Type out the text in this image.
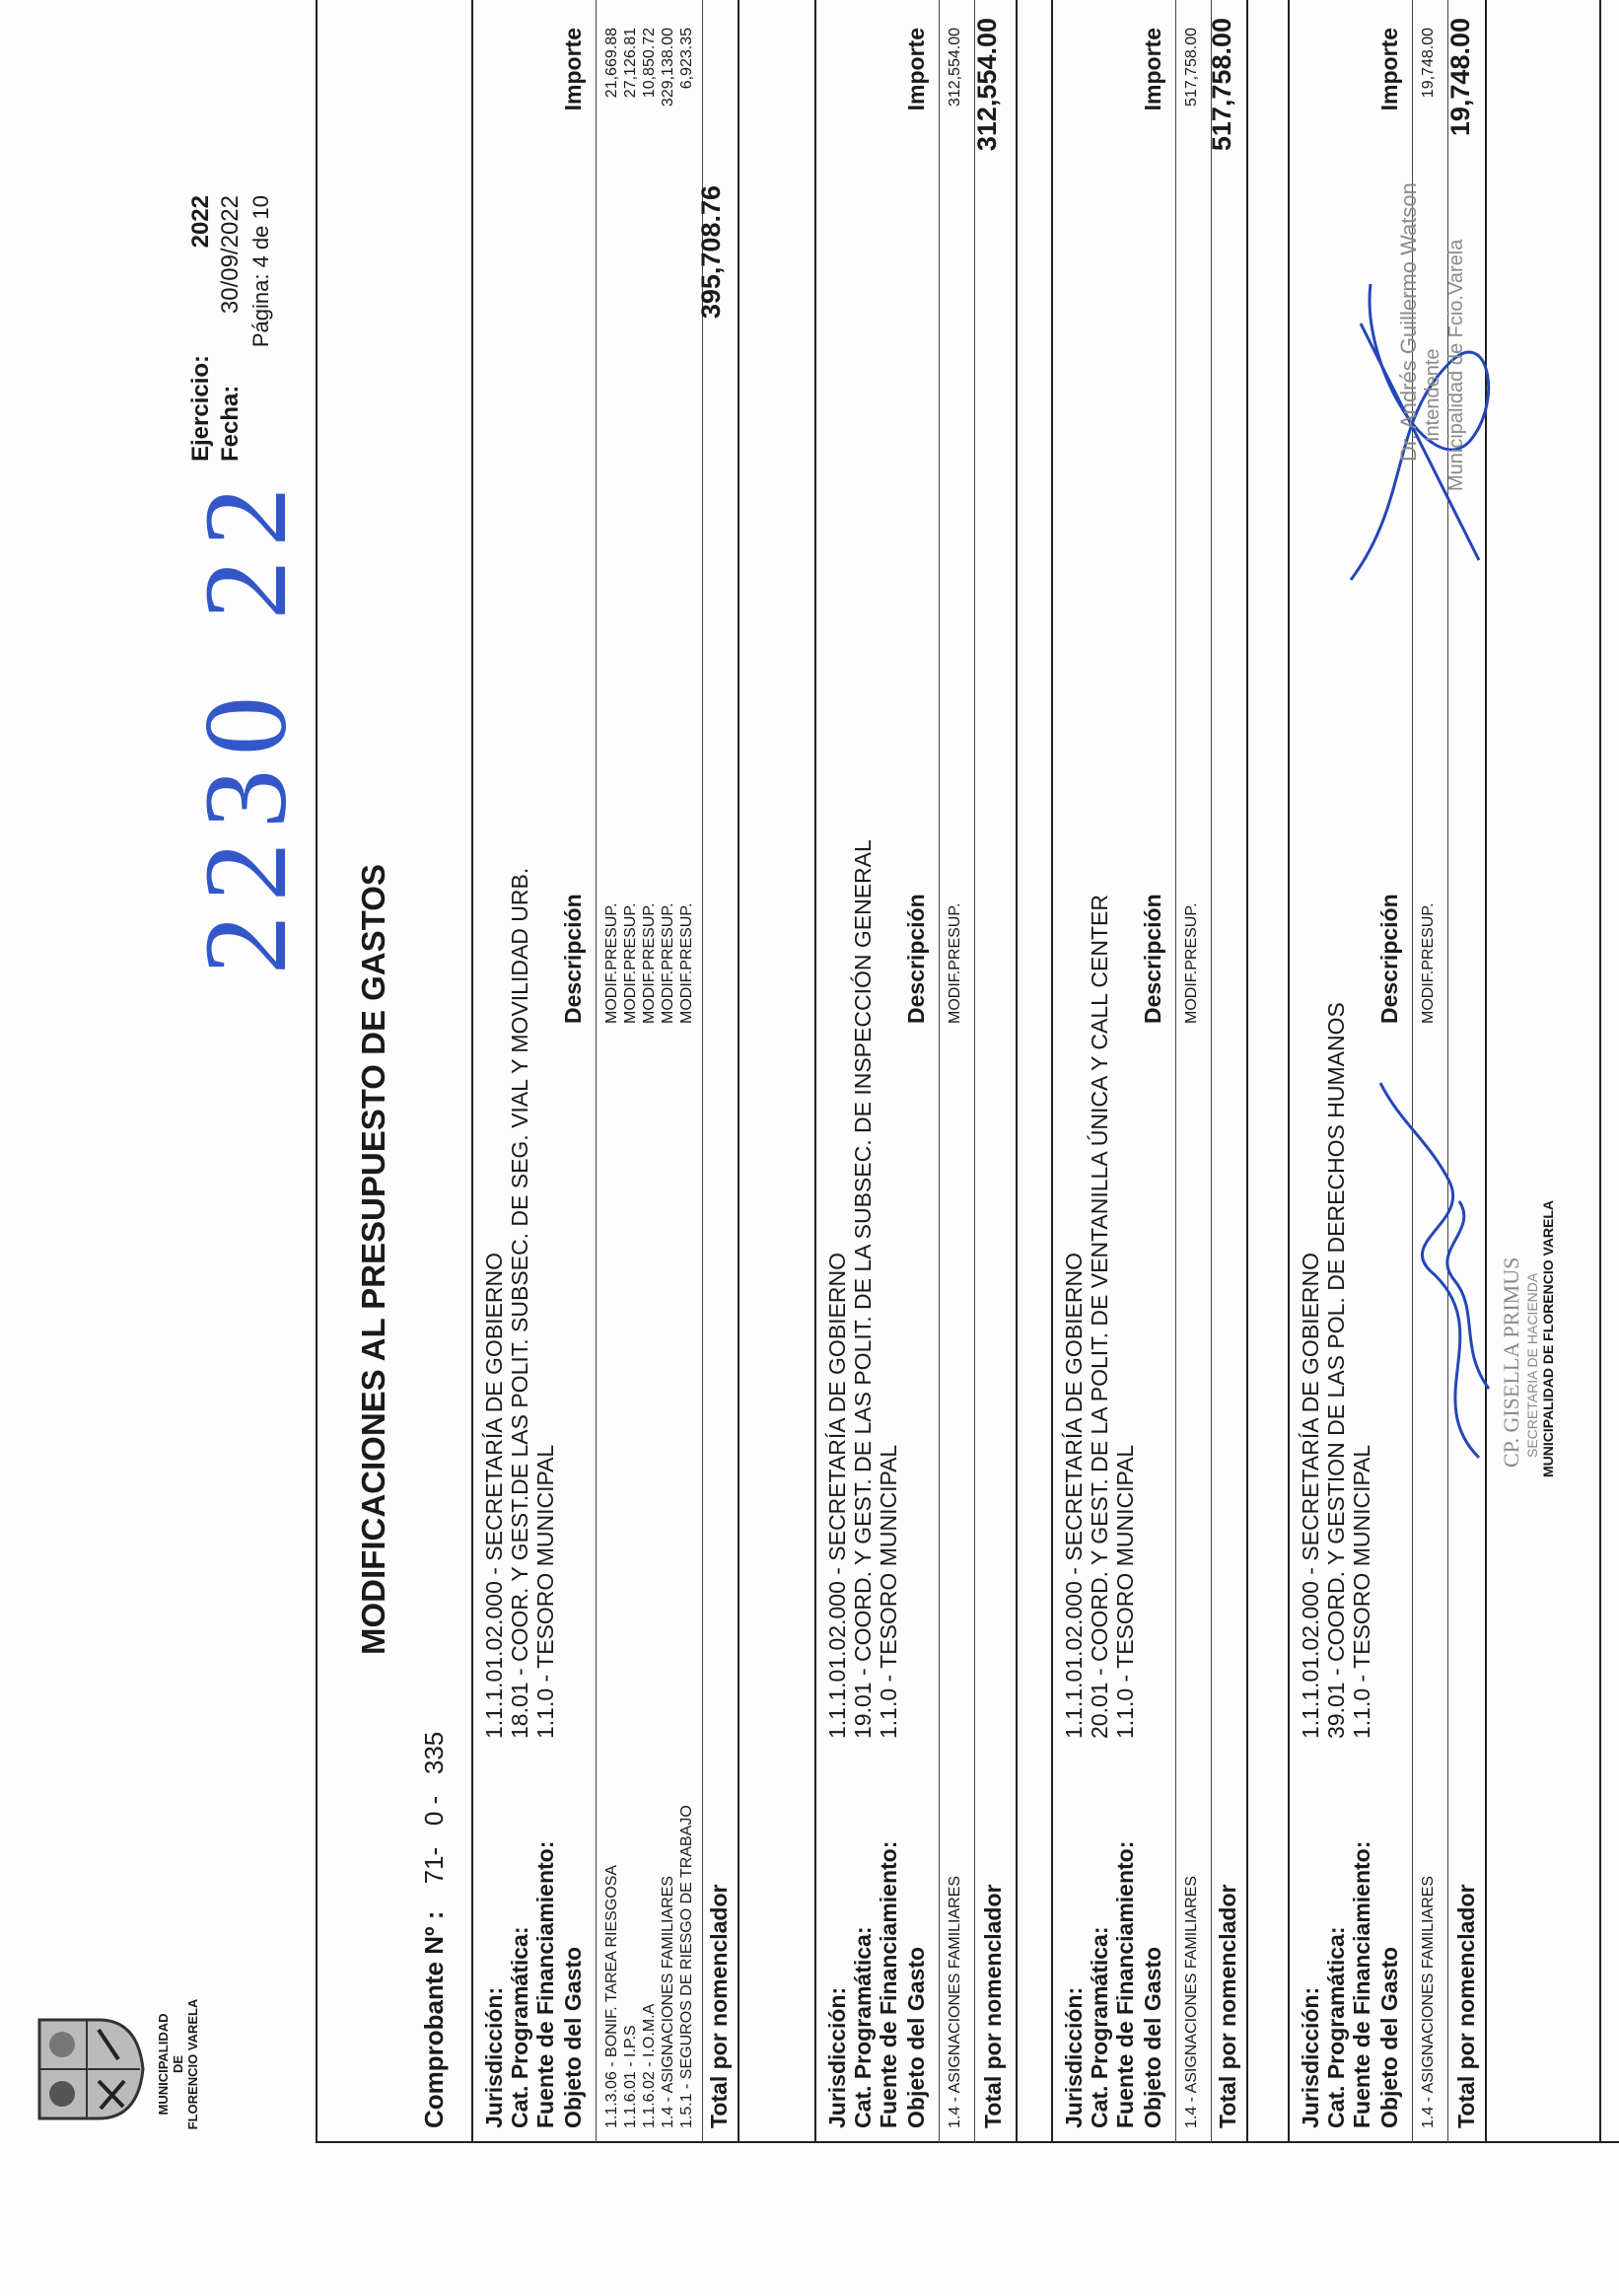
MUNICIPALIDAD DE FLORENCIO VARELA
MODIFICACIONES AL PRESUPUESTO DE GASTOS
2230
22
Ejercicio:
2022
Fecha:
30/09/2022 Página: 4 de 10
Comprobante Nº : 71-   0 -   335
Jurisdicción:
1.1.1.01.02.000 - SECRETARÍA DE GOBIERNO
Cat. Programática:
18.01 - COOR. Y GEST.DE LAS POLIT. SUBSEC. DE SEG. VIAL Y MOVILIDAD URB.
Fuente de Financiamiento:
1.1.0 - TESORO MUNICIPAL
Objeto del Gasto
Descripción
Importe
1.1.3.06 - BONIF. TAREA RIESGOSA
MODIF.PRESUP.
21,669.88
1.1.6.01 - I.P.S
MODIF.PRESUP.
27,126.81
1.1.6.02 - I.O.M.A
MODIF.PRESUP.
10,850.72
1.4 - ASIGNACIONES FAMILIARES
MODIF.PRESUP.
329,138.00
1.5.1 - SEGUROS DE RIESGO DE TRABAJO
MODIF.PRESUP.
6,923.35
Total por nomenclador
395,708.76
Jurisdicción:
1.1.1.01.02.000 - SECRETARÍA DE GOBIERNO
Cat. Programática:
19.01 - COORD. Y GEST. DE LAS POLIT. DE LA SUBSEC. DE INSPECCIÓN GENERAL
Fuente de Financiamiento:
1.1.0 - TESORO MUNICIPAL
Objeto del Gasto
Descripción
Importe
1.4 - ASIGNACIONES FAMILIARES
MODIF.PRESUP.
312,554.00
Total por nomenclador
312,554.00
Jurisdicción:
1.1.1.01.02.000 - SECRETARÍA DE GOBIERNO
Cat. Programática:
20.01 - COORD. Y GEST. DE LA POLIT. DE VENTANILLA ÚNICA Y CALL CENTER
Fuente de Financiamiento:
1.1.0 - TESORO MUNICIPAL
Objeto del Gasto
Descripción
Importe
1.4 - ASIGNACIONES FAMILIARES
MODIF.PRESUP.
517,758.00
Total por nomenclador
517,758.00
Jurisdicción:
1.1.1.01.02.000 - SECRETARÍA DE GOBIERNO
Cat. Programática:
39.01 - COORD. Y GESTION DE LAS POL. DE DERECHOS HUMANOS
Fuente de Financiamiento:
1.1.0 - TESORO MUNICIPAL
Objeto del Gasto
Descripción
Importe
1.4 - ASIGNACIONES FAMILIARES
MODIF.PRESUP.
19,748.00
Total por nomenclador
19,748.00
CP. GISELLA PRIMUS SECRETARIA DE HACIENDA MUNICIPALIDAD DE FLORENCIO VARELA
Dr. Andrés Guillermo Watson Intendente Municipalidad de Fcio.Varela
